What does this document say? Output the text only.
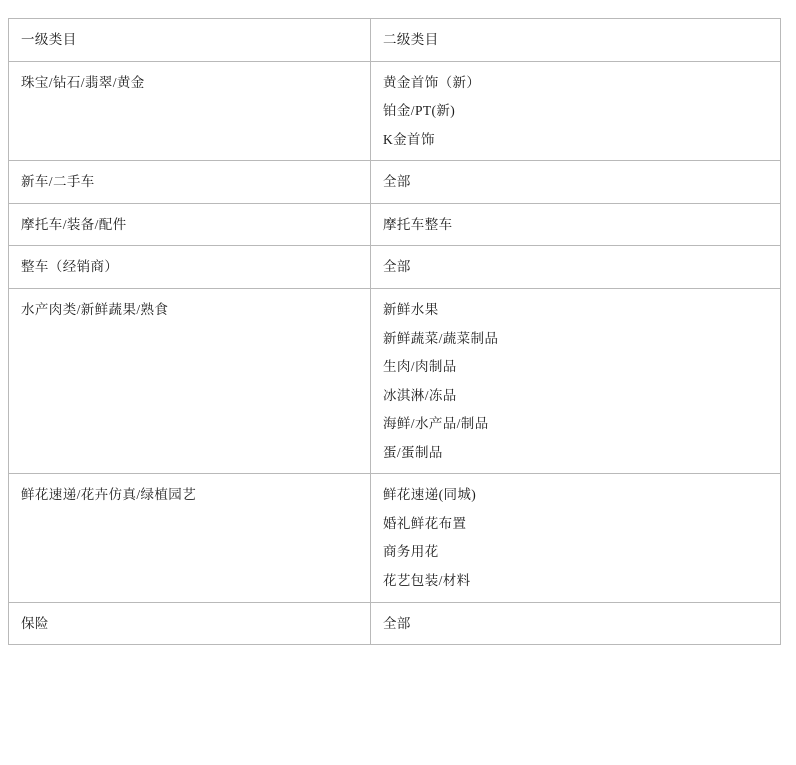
一级类目	二级类目

珠宝/钻石/翡翠/黄金	黄金首饰（新）
铂金/PT(新)
K金首饰

新车/二手车	全部

摩托车/装备/配件	摩托车整车

整车（经销商）	全部

水产肉类/新鲜蔬果/熟食	新鲜水果
新鲜蔬菜/蔬菜制品
生肉/肉制品
冰淇淋/冻品
海鲜/水产品/制品
蛋/蛋制品

鲜花速递/花卉仿真/绿植园艺	鲜花速递(同城)
婚礼鲜花布置
商务用花
花艺包装/材料

保险	全部
